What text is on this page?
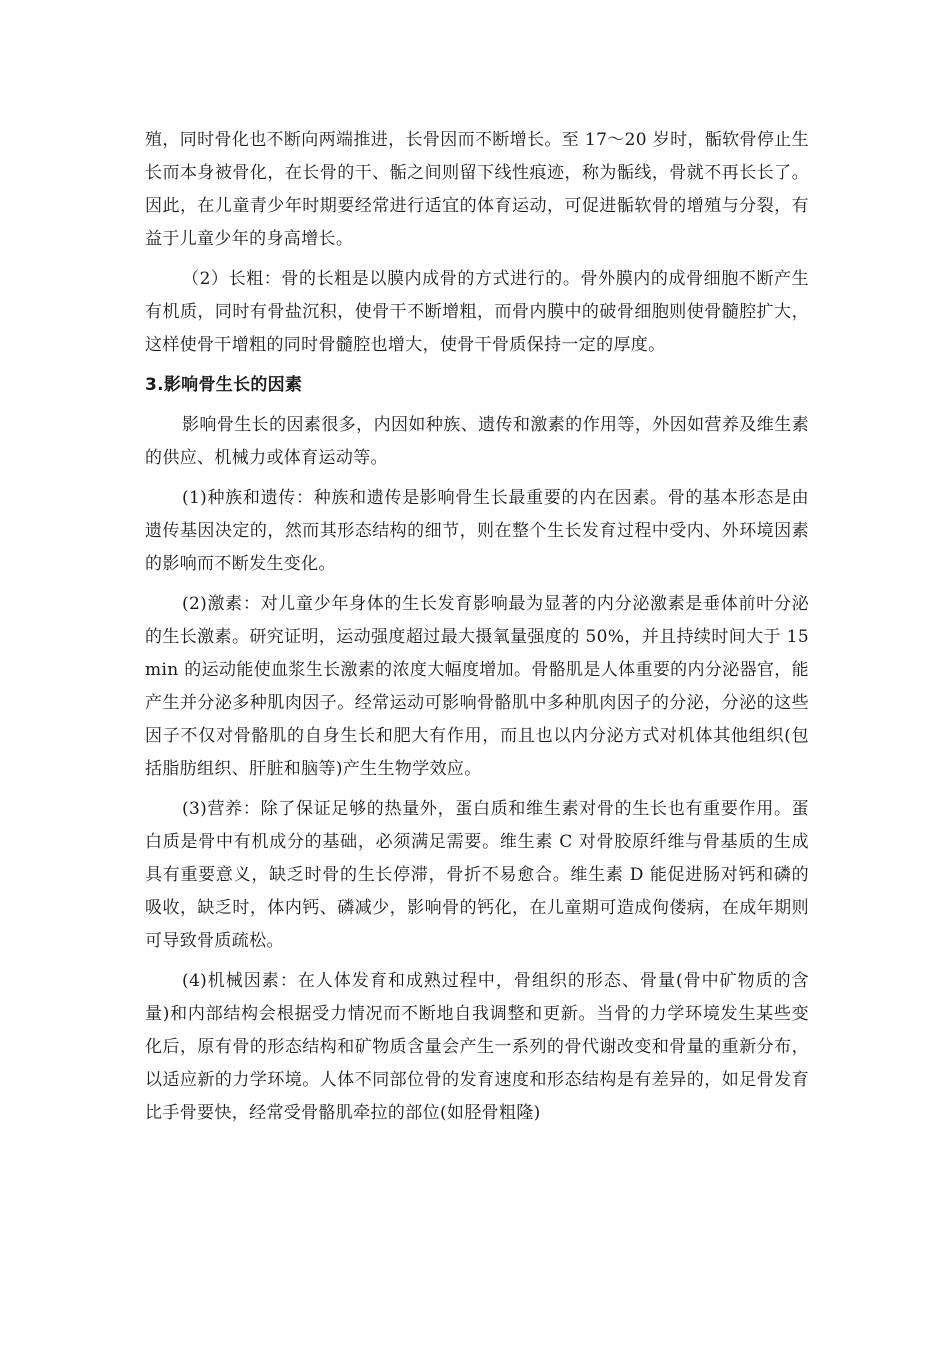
殖，同时骨化也不断向两端推进，长骨因而不断增长。至 17～20 岁时，骺软骨停止生长而本身被骨化，在长骨的干、骺之间则留下线性痕迹，称为骺线，骨就不再长长了。因此，在儿童青少年时期要经常进行适宜的体育运动，可促进骺软骨的增殖与分裂，有益于儿童少年的身高增长。

（2）长粗：骨的长粗是以膜内成骨的方式进行的。骨外膜内的成骨细胞不断产生有机质，同时有骨盐沉积，使骨干不断增粗，而骨内膜中的破骨细胞则使骨髓腔扩大，这样使骨干增粗的同时骨髓腔也增大，使骨干骨质保持一定的厚度。

3.影响骨生长的因素

影响骨生长的因素很多，内因如种族、遗传和激素的作用等，外因如营养及维生素的供应、机械力或体育运动等。

(1)种族和遗传：种族和遗传是影响骨生长最重要的内在因素。骨的基本形态是由遗传基因决定的，然而其形态结构的细节，则在整个生长发育过程中受内、外环境因素的影响而不断发生变化。

(2)激素：对儿童少年身体的生长发育影响最为显著的内分泌激素是垂体前叶分泌的生长激素。研究证明，运动强度超过最大摄氧量强度的 50%，并且持续时间大于 15 min 的运动能使血浆生长激素的浓度大幅度增加。骨骼肌是人体重要的内分泌器官，能产生并分泌多种肌肉因子。经常运动可影响骨骼肌中多种肌肉因子的分泌，分泌的这些因子不仅对骨骼肌的自身生长和肥大有作用，而且也以内分泌方式对机体其他组织(包括脂肪组织、肝脏和脑等)产生生物学效应。

(3)营养：除了保证足够的热量外，蛋白质和维生素对骨的生长也有重要作用。蛋白质是骨中有机成分的基础，必须满足需要。维生素 C 对骨胶原纤维与骨基质的生成具有重要意义，缺乏时骨的生长停滞，骨折不易愈合。维生素 D 能促进肠对钙和磷的吸收，缺乏时，体内钙、磷减少，影响骨的钙化，在儿童期可造成佝偻病，在成年期则可导致骨质疏松。

(4)机械因素：在人体发育和成熟过程中，骨组织的形态、骨量(骨中矿物质的含量)和内部结构会根据受力情况而不断地自我调整和更新。当骨的力学环境发生某些变化后，原有骨的形态结构和矿物质含量会产生一系列的骨代谢改变和骨量的重新分布，以适应新的力学环境。人体不同部位骨的发育速度和形态结构是有差异的，如足骨发育比手骨要快，经常受骨骼肌牵拉的部位(如胫骨粗隆)
